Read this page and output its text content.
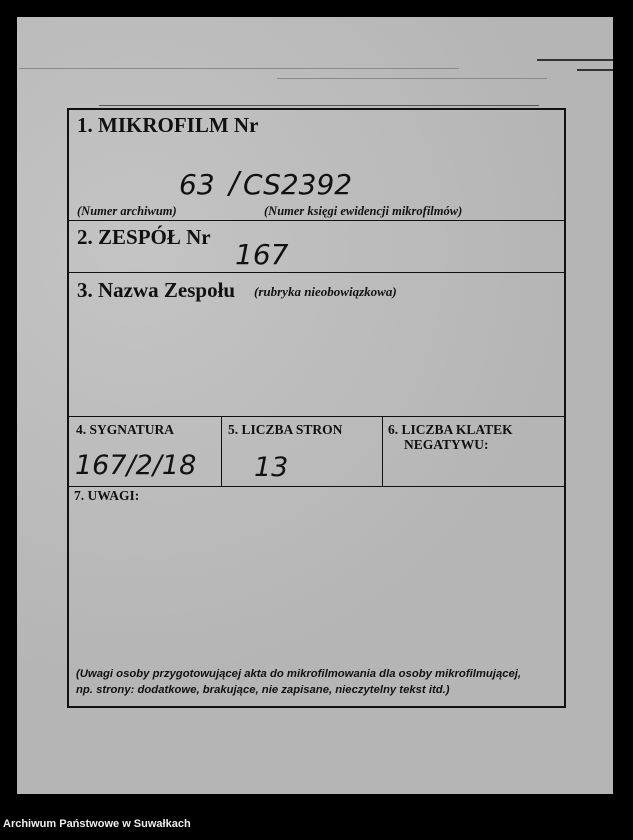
1. MIKROFILM Nr
63 / CS2392
(Numer archiwum)	(Numer księgi ewidencji mikrofilmów)
2. ZESPÓŁ Nr
167
3. Nazwa Zespołu (rubryka nieobowiązkowa)
4. SYGNATURA
167/2/18
5. LICZBA STRON
13
6. LICZBA KLATEK
NEGATYWU:
7. UWAGI:
(Uwagi osoby przygotowującej akta do mikrofilmowania dla osoby mikrofilmującej,
np. strony: dodatkowe, brakujące, nie zapisane, nieczytelny tekst itd.)
Archiwum Państwowe w Suwałkach
